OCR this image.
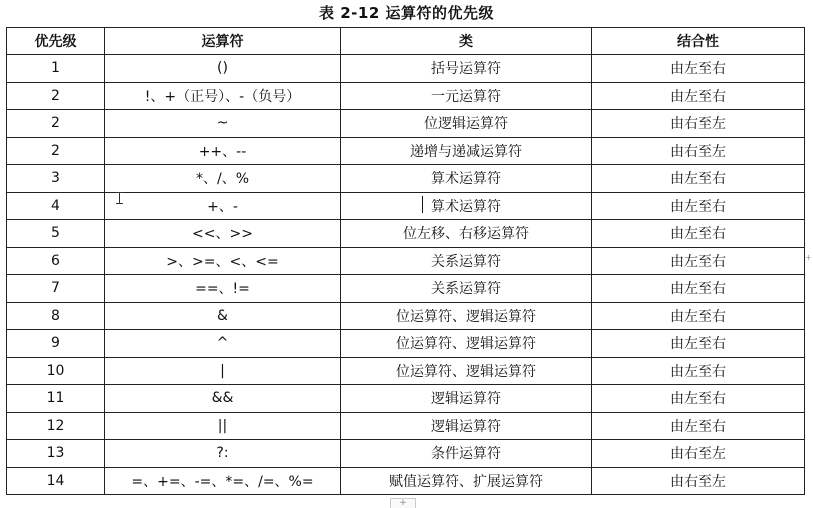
表 2-12 运算符的优先级
优先级	运算符	类	结合性
1	()	括号运算符	由左至右
2	!、+（正号）、-（负号）	一元运算符	由左至右
2	~	位逻辑运算符	由右至左
2	++、--	递增与递减运算符	由右至左
3	*、/、%	算术运算符	由左至右
4	+、-	算术运算符	由左至右
5	<<、>>	位左移、右移运算符	由左至右
6	>、>=、<、<=	关系运算符	由左至右
7	==、!=	关系运算符	由左至右
8	&	位运算符、逻辑运算符	由左至右
9	^	位运算符、逻辑运算符	由左至右
10	|	位运算符、逻辑运算符	由左至右
11	&&	逻辑运算符	由左至右
12	||	逻辑运算符	由左至右
13	?:	条件运算符	由右至左
14	=、+=、-=、*=、/=、%=	赋值运算符、扩展运算符	由右至左
+
+
